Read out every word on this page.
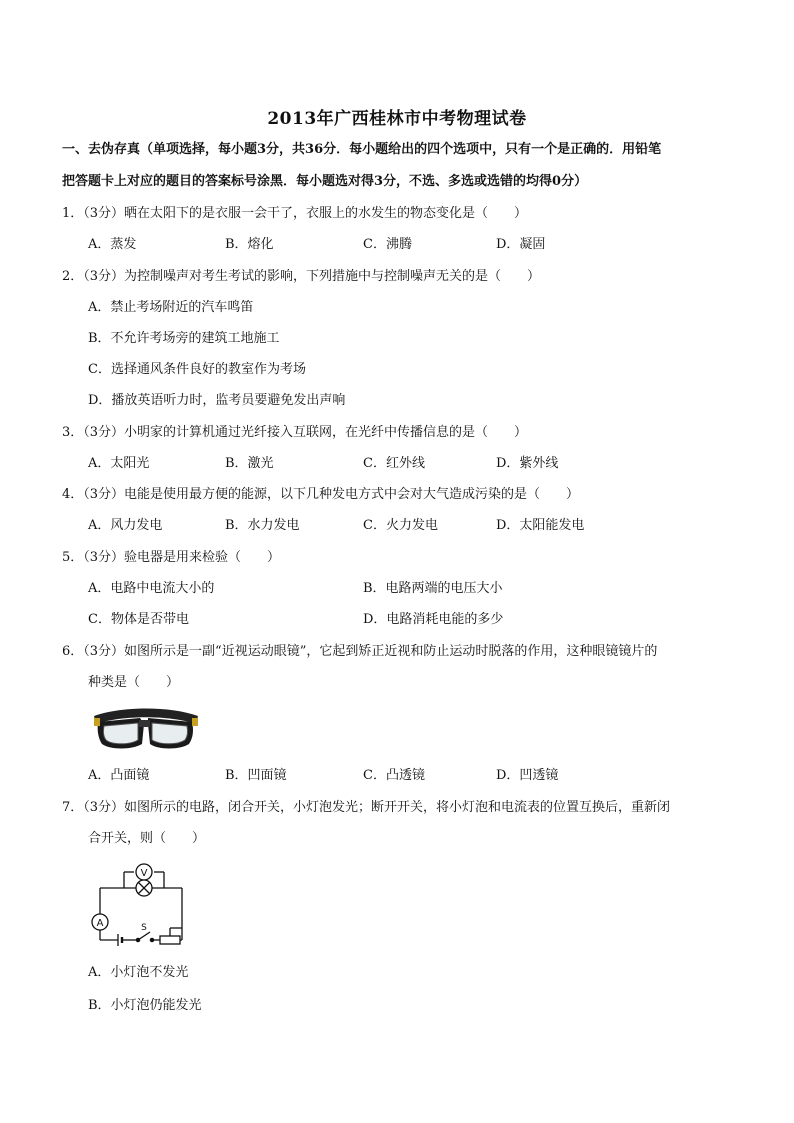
2013年广西桂林市中考物理试卷
一、去伪存真（单项选择，每小题3分，共36分．每小题给出的四个选项中，只有一个是正确的．用铅笔
把答题卡上对应的题目的答案标号涂黑．每小题选对得3分，不选、多选或选错的均得0分）
1．（3分）晒在太阳下的是衣服一会干了，衣服上的水发生的物态变化是（　　）
A．蒸发	B．熔化	C．沸腾	D．凝固
2．（3分）为控制噪声对考生考试的影响，下列措施中与控制噪声无关的是（　　）
A．禁止考场附近的汽车鸣笛
B．不允许考场旁的建筑工地施工
C．选择通风条件良好的教室作为考场
D．播放英语听力时，监考员要避免发出声响
3．（3分）小明家的计算机通过光纤接入互联网，在光纤中传播信息的是（　　）
A．太阳光	B．激光	C．红外线	D．紫外线
4．（3分）电能是使用最方便的能源，以下几种发电方式中会对大气造成污染的是（　　）
A．风力发电	B．水力发电	C．火力发电	D．太阳能发电
5．（3分）验电器是用来检验（　　）
A．电路中电流大小的	B．电路两端的电压大小
C．物体是否带电	D．电路消耗电能的多少
6．（3分）如图所示是一副“近视运动眼镜”，它起到矫正近视和防止运动时脱落的作用，这种眼镜镜片的
种类是（　　）
A．凸面镜	B．凹面镜	C．凸透镜	D．凹透镜
7．（3分）如图所示的电路，闭合开关，小灯泡发光；断开开关，将小灯泡和电流表的位置互换后，重新闭
合开关，则（　　）
V
A	S
A．小灯泡不发光
B．小灯泡仍能发光
